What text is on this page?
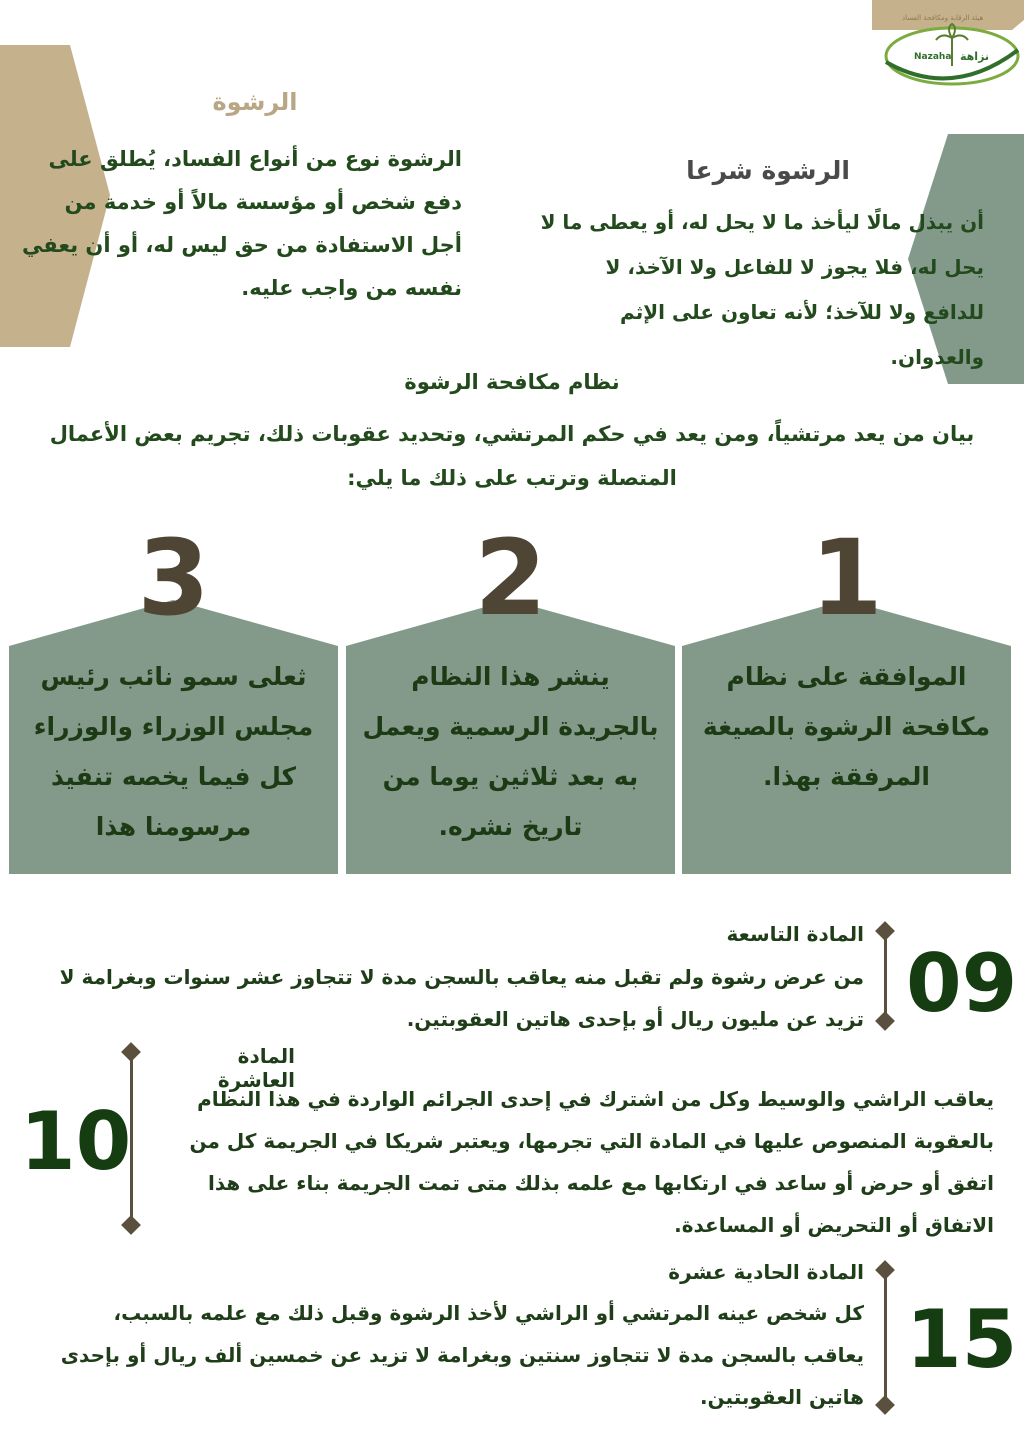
هيئة الرقابة ومكافحة الفساد
Nazaha نزاهة
الرشوة
الرشوة نوع من أنواع الفساد، يُطلق على دفع شخص أو مؤسسة مالاً أو خدمة من أجل الاستفادة من حق ليس له، أو أن يعفي نفسه من واجب عليه.
الرشوة شرعا
أن يبذل مالًا ليأخذ ما لا يحل له، أو يعطى ما لا يحل له، فلا يجوز لا للفاعل ولا الآخذ، لا للدافع ولا للآخذ؛ لأنه تعاون على الإثم والعدوان.
نظام مكافحة الرشوة
بيان من يعد مرتشياً، ومن يعد في حكم المرتشي، وتحديد عقوبات ذلك، تجريم بعض الأعمال المتصلة وترتب على ذلك ما يلي:
3
ثعلى سمو نائب رئيس مجلس الوزراء والوزراء كل فيما يخصه تنفيذ مرسومنا هذا
2
ينشر هذا النظام بالجريدة الرسمية ويعمل به بعد ثلاثين يوما من تاريخ نشره.
1
الموافقة على نظام مكافحة الرشوة بالصيغة المرفقة بهذا.
09
المادة التاسعة
من عرض رشوة ولم تقبل منه يعاقب بالسجن مدة لا تتجاوز عشر سنوات وبغرامة لا تزيد عن مليون ريال أو بإحدى هاتين العقوبتين.
10
المادة العاشرة
يعاقب الراشي والوسيط وكل من اشترك في إحدى الجرائم الواردة في هذا النظام بالعقوبة المنصوص عليها في المادة التي تجرمها، ويعتبر شريكا في الجريمة كل من اتفق أو حرض أو ساعد في ارتكابها مع علمه بذلك متى تمت الجريمة بناء على هذا الاتفاق أو التحريض أو المساعدة.
15
المادة الحادية عشرة
كل شخص عينه المرتشي أو الراشي لأخذ الرشوة وقبل ذلك مع علمه بالسبب، يعاقب بالسجن مدة لا تتجاوز سنتين وبغرامة لا تزيد عن خمسين ألف ريال أو بإحدى هاتين العقوبتين.
